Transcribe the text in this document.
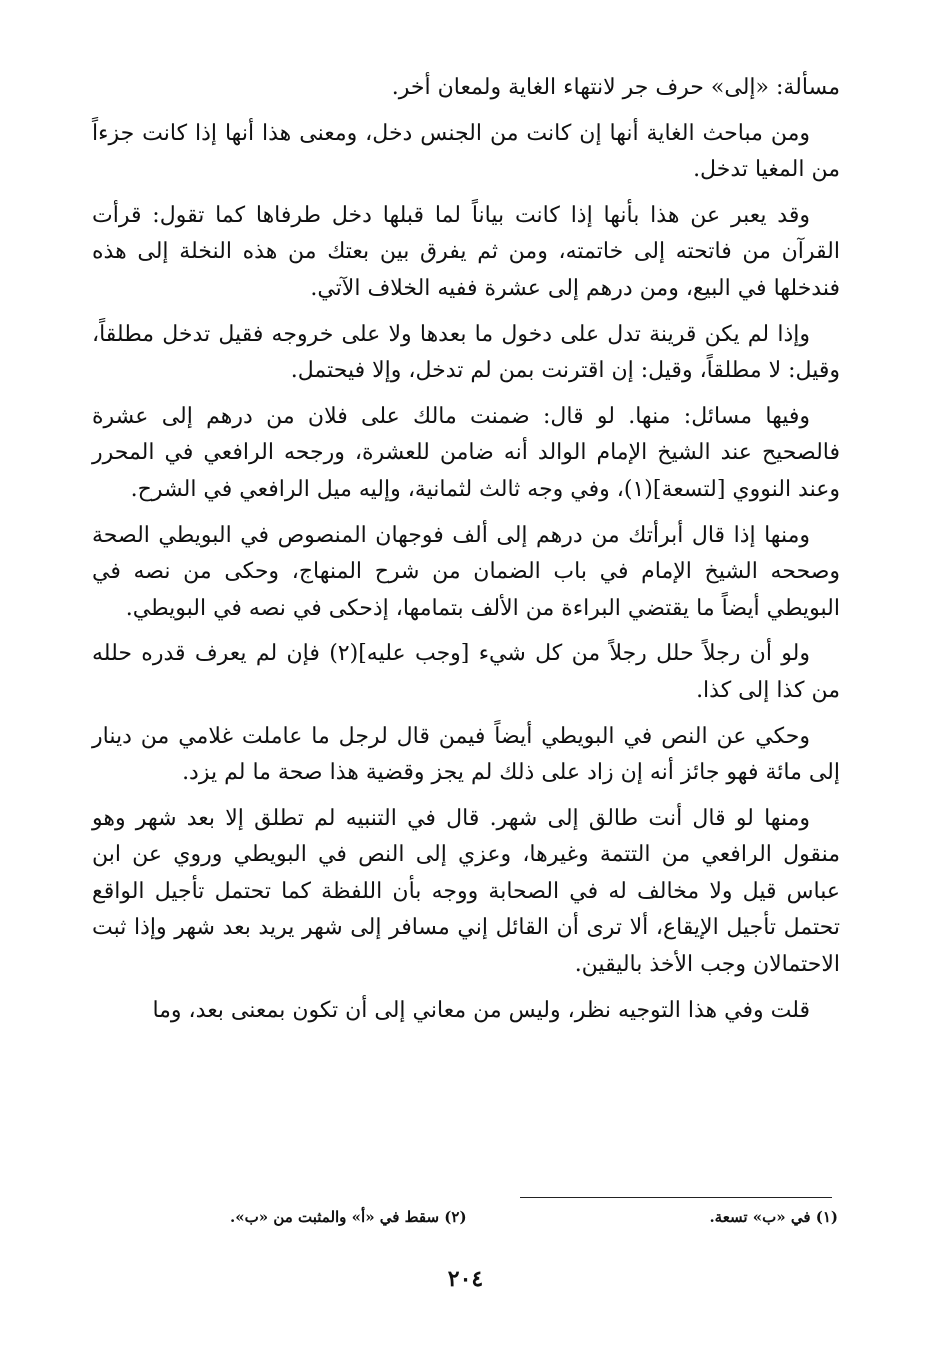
مسألة: «إلى» حرف جر لانتهاء الغاية ولمعان أخر.

ومن مباحث الغاية أنها إن كانت من الجنس دخل، ومعنى هذا أنها إذا كانت جزءاً من المغيا تدخل.

وقد يعبر عن هذا بأنها إذا كانت بياناً لما قبلها دخل طرفاها كما تقول: قرأت القرآن من فاتحته إلى خاتمته، ومن ثم يفرق بين بعتك من هذه النخلة إلى هذه فندخلها في البيع، ومن درهم إلى عشرة ففيه الخلاف الآتي.

وإذا لم يكن قرينة تدل على دخول ما بعدها ولا على خروجه فقيل تدخل مطلقاً، وقيل: لا مطلقاً، وقيل: إن اقترنت بمن لم تدخل، وإلا فيحتمل.

وفيها مسائل: منها. لو قال: ضمنت مالك على فلان من درهم إلى عشرة فالصحيح عند الشيخ الإمام الوالد أنه ضامن للعشرة، ورجحه الرافعي في المحرر وعند النووي [لتسعة](١)، وفي وجه ثالث لثمانية، وإليه ميل الرافعي في الشرح.

ومنها إذا قال أبرأتك من درهم إلى ألف فوجهان المنصوص في البويطي الصحة وصححه الشيخ الإمام في باب الضمان من شرح المنهاج، وحكى من نصه في البويطي أيضاً ما يقتضي البراءة من الألف بتمامها، إذحكى في نصه في البويطي.

ولو أن رجلاً حلل رجلاً من كل شيء [وجب عليه](٢) فإن لم يعرف قدره حلله من كذا إلى كذا.

وحكي عن النص في البويطي أيضاً فيمن قال لرجل ما عاملت غلامي من دينار إلى مائة فهو جائز أنه إن زاد على ذلك لم يجز وقضية هذا صحة ما لم يزد.

ومنها لو قال أنت طالق إلى شهر. قال في التنبيه لم تطلق إلا بعد شهر وهو منقول الرافعي من التتمة وغيرها، وعزي إلى النص في البويطي وروي عن ابن عباس قيل ولا مخالف له في الصحابة ووجه بأن اللفظة كما تحتمل تأجيل الواقع تحتمل تأجيل الإيقاع، ألا ترى أن القائل إني مسافر إلى شهر يريد بعد شهر وإذا ثبت الاحتمالان وجب الأخذ باليقين.

قلت وفي هذا التوجيه نظر، وليس من معاني إلى أن تكون بمعنى بعد، وما

(١) في «ب» تسعة.
(٢) سقط في «أ» والمثبت من «ب».
٢٠٤
